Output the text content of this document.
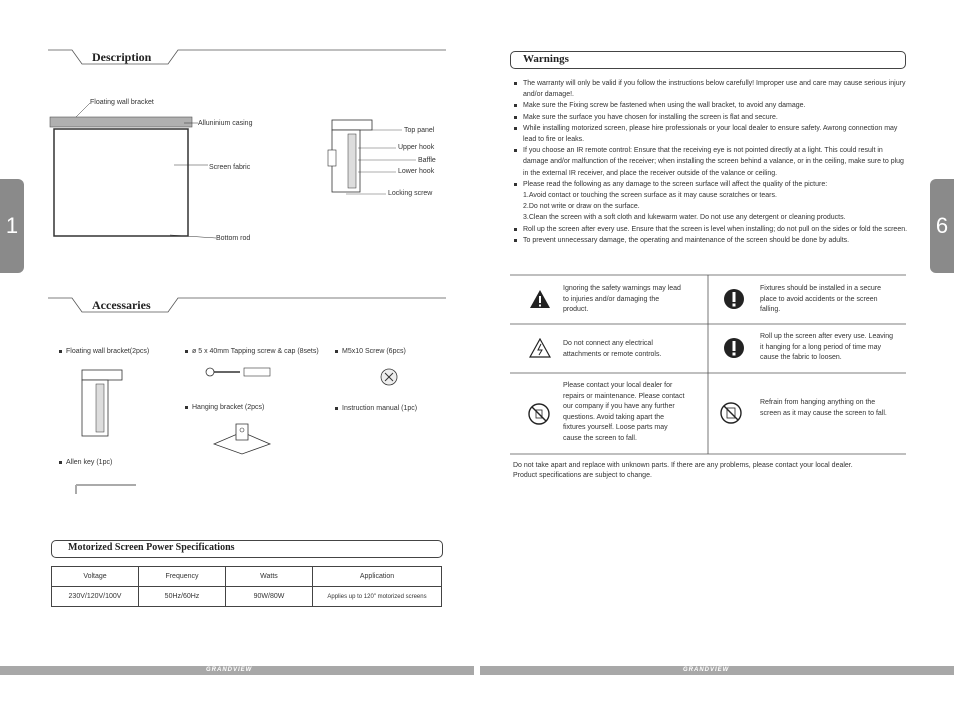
1	6
Description
Floating wall bracket
Alluninium casing
Screen fabric
Bottom rod
Top panel
Upper hook
Baffle
Lower hook
Locking screw
Accessaries
Floating wall bracket(2pcs)	ø 5 x 40mm Tapping screw & cap (8sets)	M5x10 Screw (6pcs)
Hanging bracket (2pcs)	Instruction manual (1pc)
Allen key (1pc)
Motorized Screen Power Specifications
Voltage	Frequency	Watts	Application
230V/120V/100V	50Hz/60Hz	90W/80W	Applies up to 120" motorized screens
Warnings
The warranty will only be valid if you follow the instructions below carefully! Improper use and care may cause serious injury and/or damage!.
Make sure the Fixing screw be fastened when using the wall bracket, to avoid any damage.
Make sure the surface you have chosen for installing the screen is flat and secure.
While installing motorized screen, please hire professionals or your local dealer to ensure safety. Awrong connection may lead to fire or leaks.
If you choose an IR remote control: Ensure that the receiving eye is not pointed directly at a light. This could result in damage and/or malfunction of the receiver; when installing the screen behind a valance, or in the ceiling, make sure to plug in the external IR receiver, and place the receiver outside of the valance or ceiling.
Please read the following as any damage to the screen surface will affect the quality of the picture:
1.Avoid contact or touching the screen surface as it may cause scratches or tears.
2.Do not write or draw on the surface.
3.Clean the screen with a soft cloth and lukewarm water. Do not use any detergent or cleaning products.
Roll up the screen after every use. Ensure that the screen is level when installing; do not pull on the sides or fold the screen.
To prevent unnecessary damage, the operating and maintenance of the screen should be done by adults.
Ignoring the safety warnings may lead to injuries and/or damaging the product.
Fixtures should be installed in a secure place to avoid accidents or the screen falling.
Do not connect any electrical attachments or remote controls.
Roll up the screen after every use. Leaving it hanging for a long period of time may cause the fabric to loosen.
Please contact your local dealer for repairs or maintenance. Please contact our company if you have any further questions. Avoid taking apart the fixtures yourself. Loose parts may cause the screen to fall.
Refrain from hanging anything on the screen as it may cause the screen to fall.
Do not take apart and replace with unknown parts. If there are any problems, please contact your local dealer.
Product specifications are subject to change.
GRANDVIEW	GRANDVIEW
